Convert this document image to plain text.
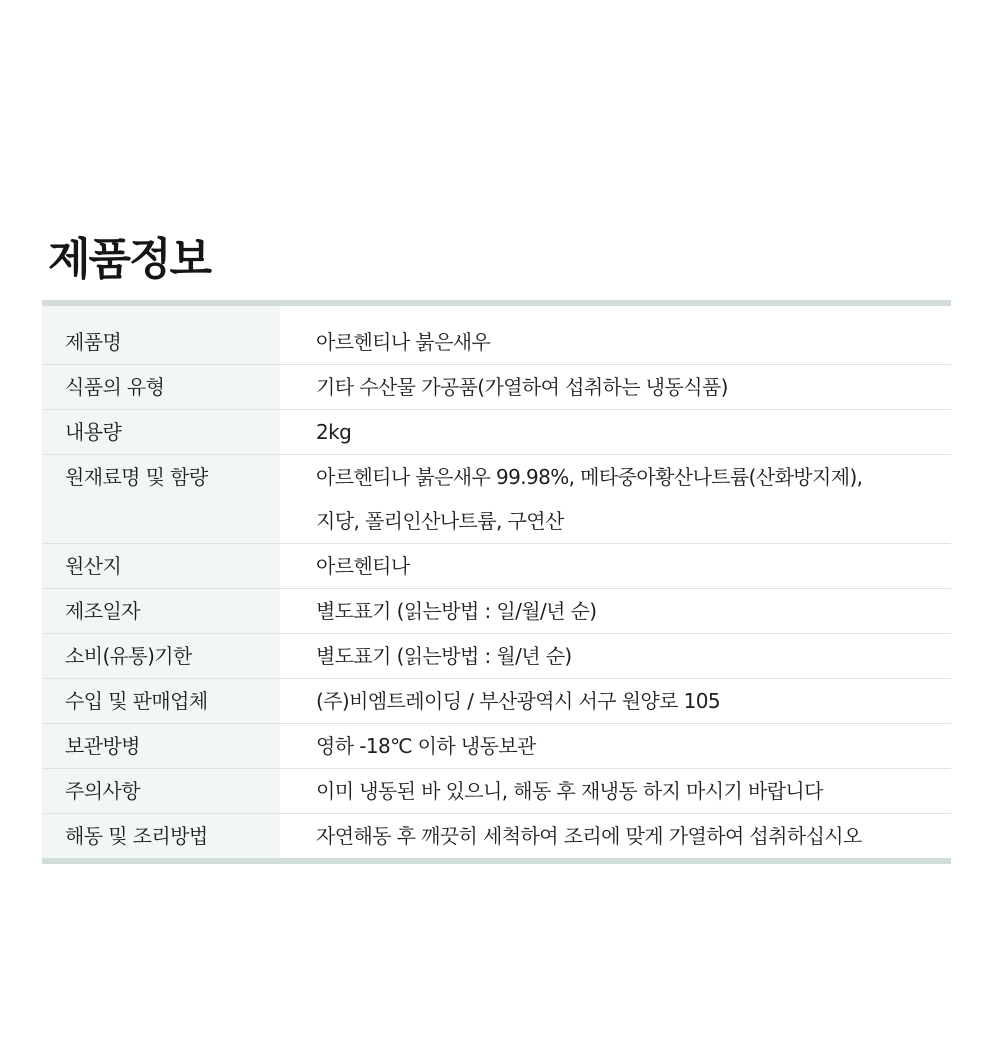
제품정보
제품명	아르헨티나 붉은새우

식품의 유형	기타 수산물 가공품(가열하여 섭취하는 냉동식품)

내용량	2kg

원재료명 및 함량	아르헨티나 붉은새우 99.98%, 메타중아황산나트륨(산화방지제),
지당, 폴리인산나트륨, 구연산

원산지	아르헨티나

제조일자	별도표기 (읽는방법 : 일/월/년 순)

소비(유통)기한	별도표기 (읽는방법 : 월/년 순)

수입 및 판매업체	(주)비엠트레이딩 / 부산광역시 서구 원양로 105

보관방병	영하 -18℃ 이하 냉동보관

주의사항	이미 냉동된 바 있으니, 해동 후 재냉동 하지 마시기 바랍니다

해동 및 조리방법	자연해동 후 깨끗히 세척하여 조리에 맞게 가열하여 섭취하십시오
